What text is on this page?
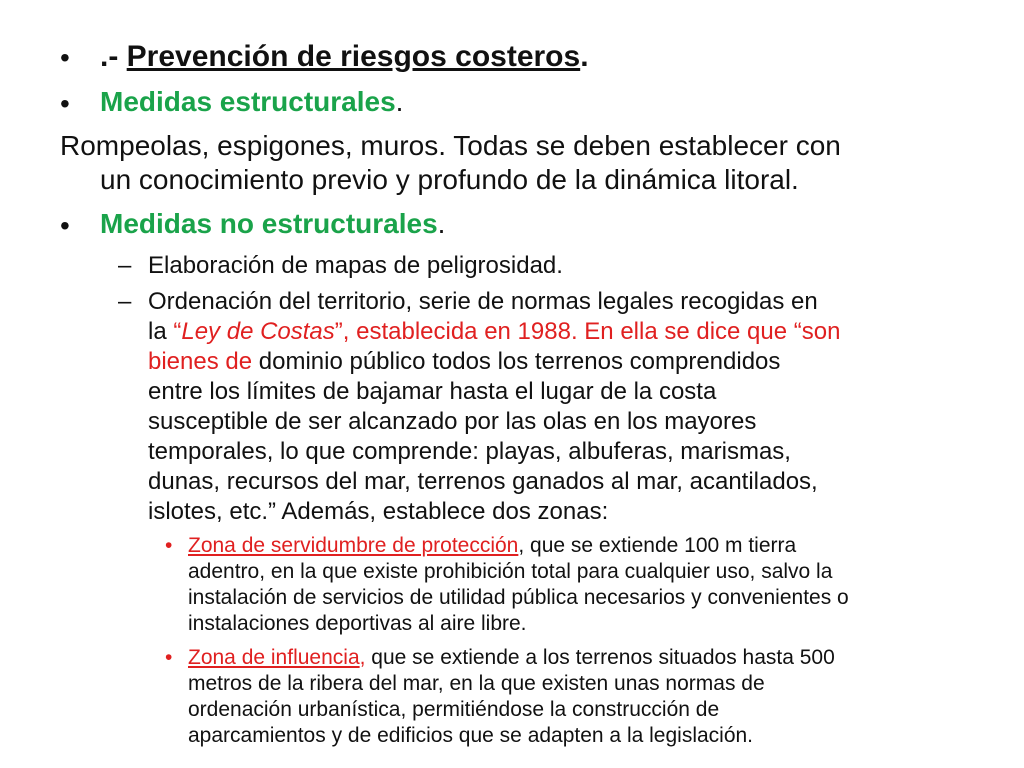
• .- Prevención de riesgos costeros.
• Medidas estructurales.
Rompeolas, espigones, muros. Todas se deben establecer con
un conocimiento previo y profundo de la dinámica litoral.
• Medidas no estructurales.
– Elaboración de mapas de peligrosidad.
– Ordenación del territorio, serie de normas legales recogidas en
la “Ley de Costas”, establecida en 1988. En ella se dice que “son
bienes de dominio público todos los terrenos comprendidos
entre los límites de bajamar hasta el lugar de la costa
susceptible de ser alcanzado por las olas en los mayores
temporales, lo que comprende: playas, albuferas, marismas,
dunas, recursos del mar, terrenos ganados al mar, acantilados,
islotes, etc.” Además, establece dos zonas:
• Zona de servidumbre de protección, que se extiende 100 m tierra
adentro, en la que existe prohibición total para cualquier uso, salvo la
instalación de servicios de utilidad pública necesarios y convenientes o
instalaciones deportivas al aire libre.
• Zona de influencia, que se extiende a los terrenos situados hasta 500
metros de la ribera del mar, en la que existen unas normas de
ordenación urbanística, permitiéndose la construcción de
aparcamientos y de edificios que se adapten a la legislación.
